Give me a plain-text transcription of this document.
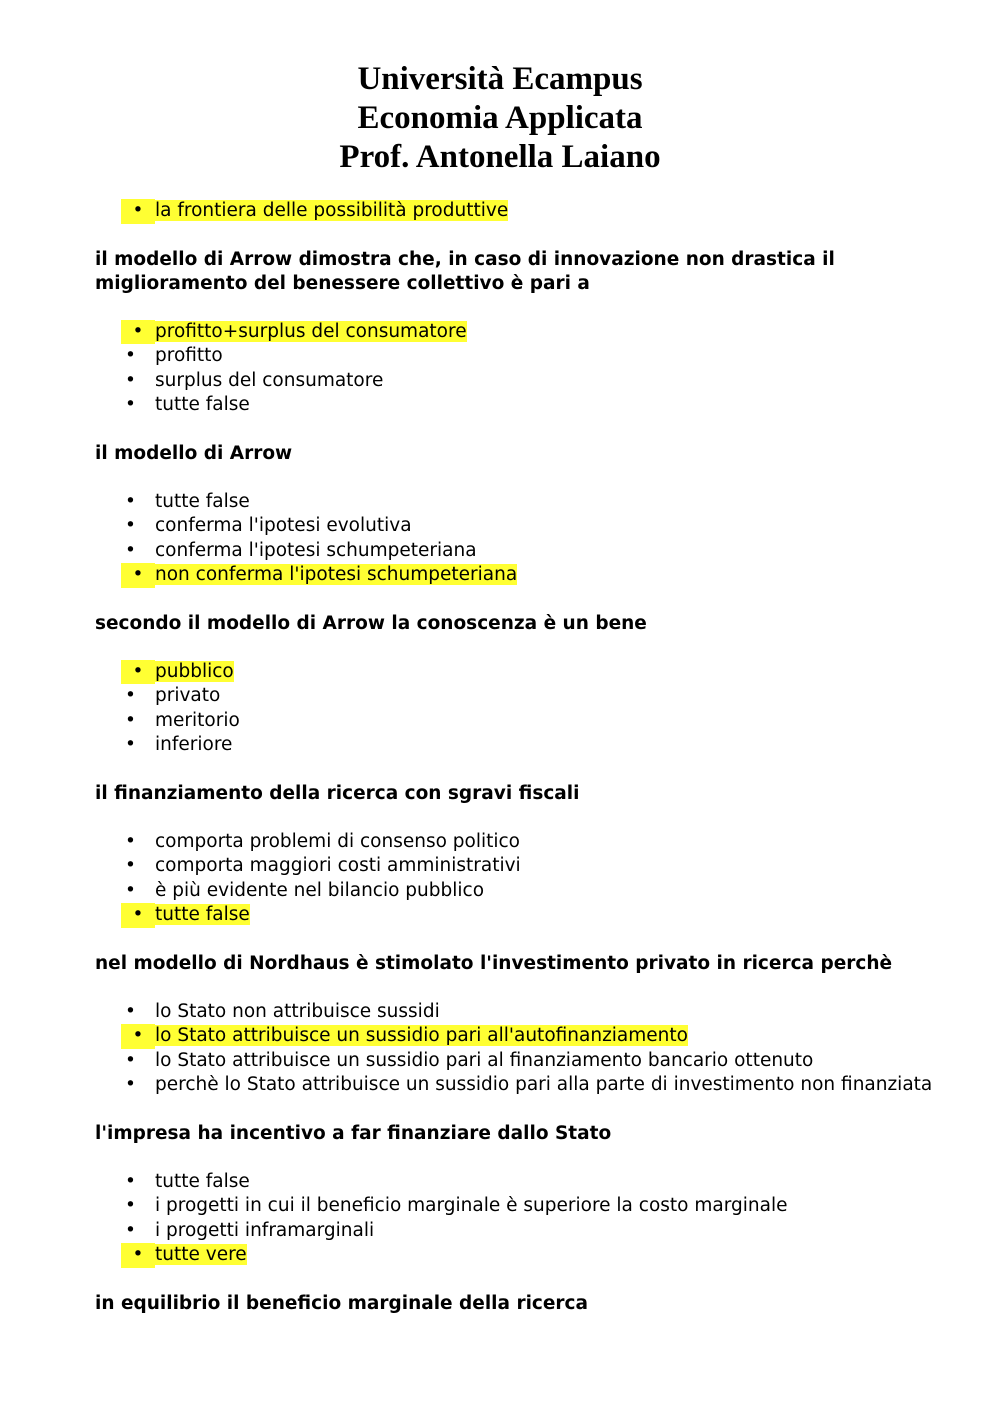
Università Ecampus
Economia Applicata
Prof. Antonella Laiano
• la frontiera delle possibilità produttive
il modello di Arrow dimostra che, in caso di innovazione non drastica il miglioramento del benessere collettivo è pari a
• profitto+surplus del consumatore
• profitto
• surplus del consumatore
• tutte false
il modello di Arrow
• tutte false
• conferma l'ipotesi evolutiva
• conferma l'ipotesi schumpeteriana
• non conferma l'ipotesi schumpeteriana
secondo il modello di Arrow la conoscenza è un bene
• pubblico
• privato
• meritorio
• inferiore
il finanziamento della ricerca con sgravi fiscali
• comporta problemi di consenso politico
• comporta maggiori costi amministrativi
• è più evidente nel bilancio pubblico
• tutte false
nel modello di Nordhaus è stimolato l'investimento privato in ricerca perchè
• lo Stato non attribuisce sussidi
• lo Stato attribuisce un sussidio pari all'autofinanziamento
• lo Stato attribuisce un sussidio pari al finanziamento bancario ottenuto
• perchè lo Stato attribuisce un sussidio pari alla parte di investimento non finanziata
l'impresa ha incentivo a far finanziare dallo Stato
• tutte false
• i progetti in cui il beneficio marginale è superiore la costo marginale
• i progetti inframarginali
• tutte vere
in equilibrio il beneficio marginale della ricerca
